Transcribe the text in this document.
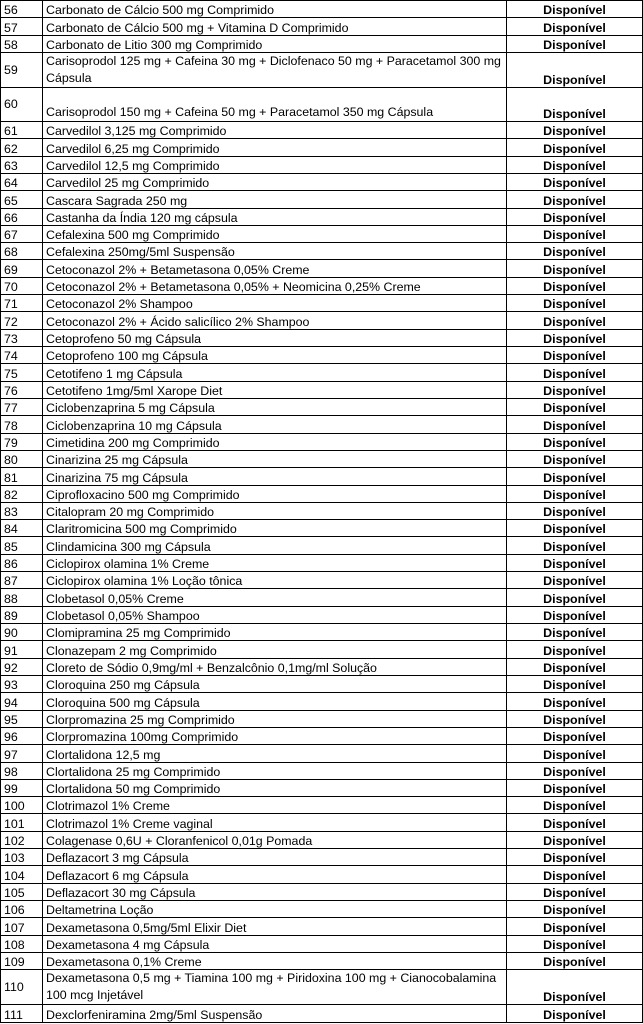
56	Carbonato de Cálcio 500 mg Comprimido	Disponível
57	Carbonato de Cálcio 500 mg + Vitamina D Comprimido	Disponível
58	Carbonato de Litio 300 mg Comprimido	Disponível
59	Carisoprodol 125 mg + Cafeina 30 mg + Diclofenaco 50 mg + Paracetamol 300 mg Cápsula	Disponível
60	Carisoprodol 150 mg + Cafeina 50 mg + Paracetamol 350 mg Cápsula	Disponível
61	Carvedilol 3,125 mg Comprimido	Disponível
62	Carvedilol 6,25 mg Comprimido	Disponível
63	Carvedilol 12,5 mg Comprimido	Disponível
64	Carvedilol 25 mg Comprimido	Disponível
65	Cascara Sagrada 250 mg	Disponível
66	Castanha da Índia 120 mg cápsula	Disponível
67	Cefalexina 500 mg Comprimido	Disponível
68	Cefalexina 250mg/5ml Suspensão	Disponível
69	Cetoconazol 2% + Betametasona 0,05% Creme	Disponível
70	Cetoconazol 2% + Betametasona 0,05% + Neomicina 0,25% Creme	Disponível
71	Cetoconazol 2% Shampoo	Disponível
72	Cetoconazol 2% + Ácido salicílico 2% Shampoo	Disponível
73	Cetoprofeno 50 mg Cápsula	Disponível
74	Cetoprofeno 100 mg Cápsula	Disponível
75	Cetotifeno 1 mg Cápsula	Disponível
76	Cetotifeno 1mg/5ml Xarope Diet	Disponível
77	Ciclobenzaprina 5 mg Cápsula	Disponível
78	Ciclobenzaprina 10 mg Cápsula	Disponível
79	Cimetidina 200 mg Comprimido	Disponível
80	Cinarizina 25 mg Cápsula	Disponível
81	Cinarizina 75 mg Cápsula	Disponível
82	Ciprofloxacino 500 mg Comprimido	Disponível
83	Citalopram 20 mg Comprimido	Disponível
84	Claritromicina 500 mg Comprimido	Disponível
85	Clindamicina 300 mg Cápsula	Disponível
86	Ciclopirox olamina 1% Creme	Disponível
87	Ciclopirox olamina 1% Loção tônica	Disponível
88	Clobetasol 0,05% Creme	Disponível
89	Clobetasol 0,05% Shampoo	Disponível
90	Clomipramina 25 mg Comprimido	Disponível
91	Clonazepam 2 mg Comprimido	Disponível
92	Cloreto de Sódio 0,9mg/ml + Benzalcônio 0,1mg/ml Solução	Disponível
93	Cloroquina 250 mg Cápsula	Disponível
94	Cloroquina 500 mg Cápsula	Disponível
95	Clorpromazina 25 mg Comprimido	Disponível
96	Clorpromazina 100mg Comprimido	Disponível
97	Clortalidona 12,5 mg	Disponível
98	Clortalidona 25 mg Comprimido	Disponível
99	Clortalidona 50 mg Comprimido	Disponível
100	Clotrimazol 1% Creme	Disponível
101	Clotrimazol 1% Creme vaginal	Disponível
102	Colagenase 0,6U + Cloranfenicol 0,01g Pomada	Disponível
103	Deflazacort 3 mg Cápsula	Disponível
104	Deflazacort 6 mg Cápsula	Disponível
105	Deflazacort 30 mg Cápsula	Disponível
106	Deltametrina Loção	Disponível
107	Dexametasona 0,5mg/5ml Elixir Diet	Disponível
108	Dexametasona 4 mg Cápsula	Disponível
109	Dexametasona 0,1% Creme	Disponível
110	Dexametasona 0,5 mg + Tiamina 100 mg + Piridoxina 100 mg + Cianocobalamina 100 mcg Injetável	Disponível
111	Dexclorfeniramina 2mg/5ml Suspensão	Disponível
